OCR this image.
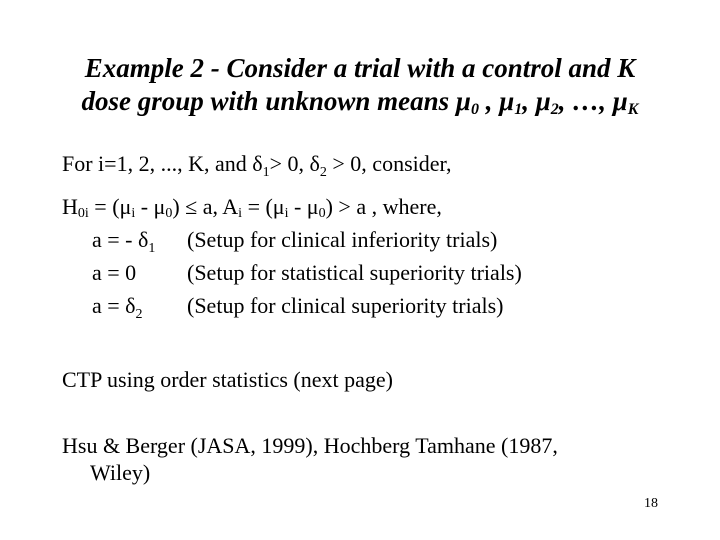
Example 2 - Consider a trial with a control and K
dose group with unknown means $\mu_0$ , $\mu_1$, $\mu_2$, …, $\mu_K$
For i=1, 2, ..., K, and $\delta_1> 0$, $\delta_2 > 0$, consider,
H0i = (μi - μ0) ≤ a, Ai = (μi - μ0) > a , where,
a = - $\delta_1$ (Setup for clinical inferiority trials)
a = 0 (Setup for statistical superiority trials)
$a = \delta_2$ (Setup for clinical superiority trials)
CTP using order statistics (next page)
Hsu & Berger (JASA, 1999), Hochberg Tamhane (1987,
Wiley)
18
